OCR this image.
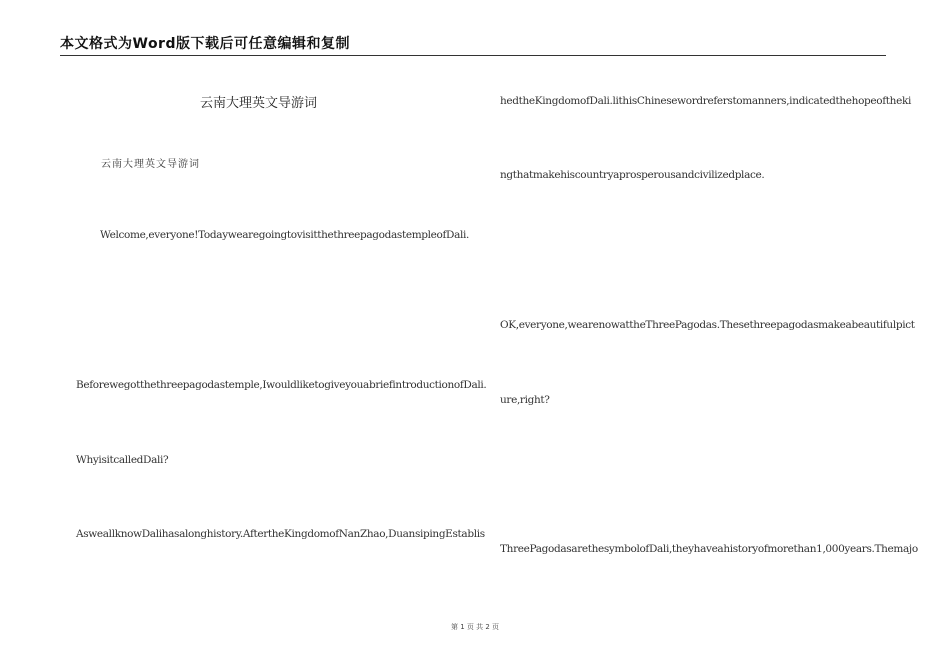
本文格式为Word版下载后可任意编辑和复制
云南大理英文导游词
云南大理英文导游词
Welcome,everyone!TodaywearegoingtovisitthethreepagodastempleofDali.
Beforewegotthethreepagodastemple,IwouldliketogiveyouabriefintroductionofDali.
WhyisitcalledDali?
AsweallknowDalihasalonghistory.AftertheKingdomofNanZhao,DuansipingEstablis
hedtheKingdomofDali.lithisChinesewordreferstomanners,indicatedthehopeoftheki
ngthatmakehiscountryaprosperousandcivilizedplace.
OK,everyone,wearenowattheThreePagodas.Thesethreepagodasmakeabeautifulpict
ure,right?
ThreePagodasarethesymbolofDali,theyhaveahistoryofmorethan1,000years.Themajo
第 1 页 共 2 页
